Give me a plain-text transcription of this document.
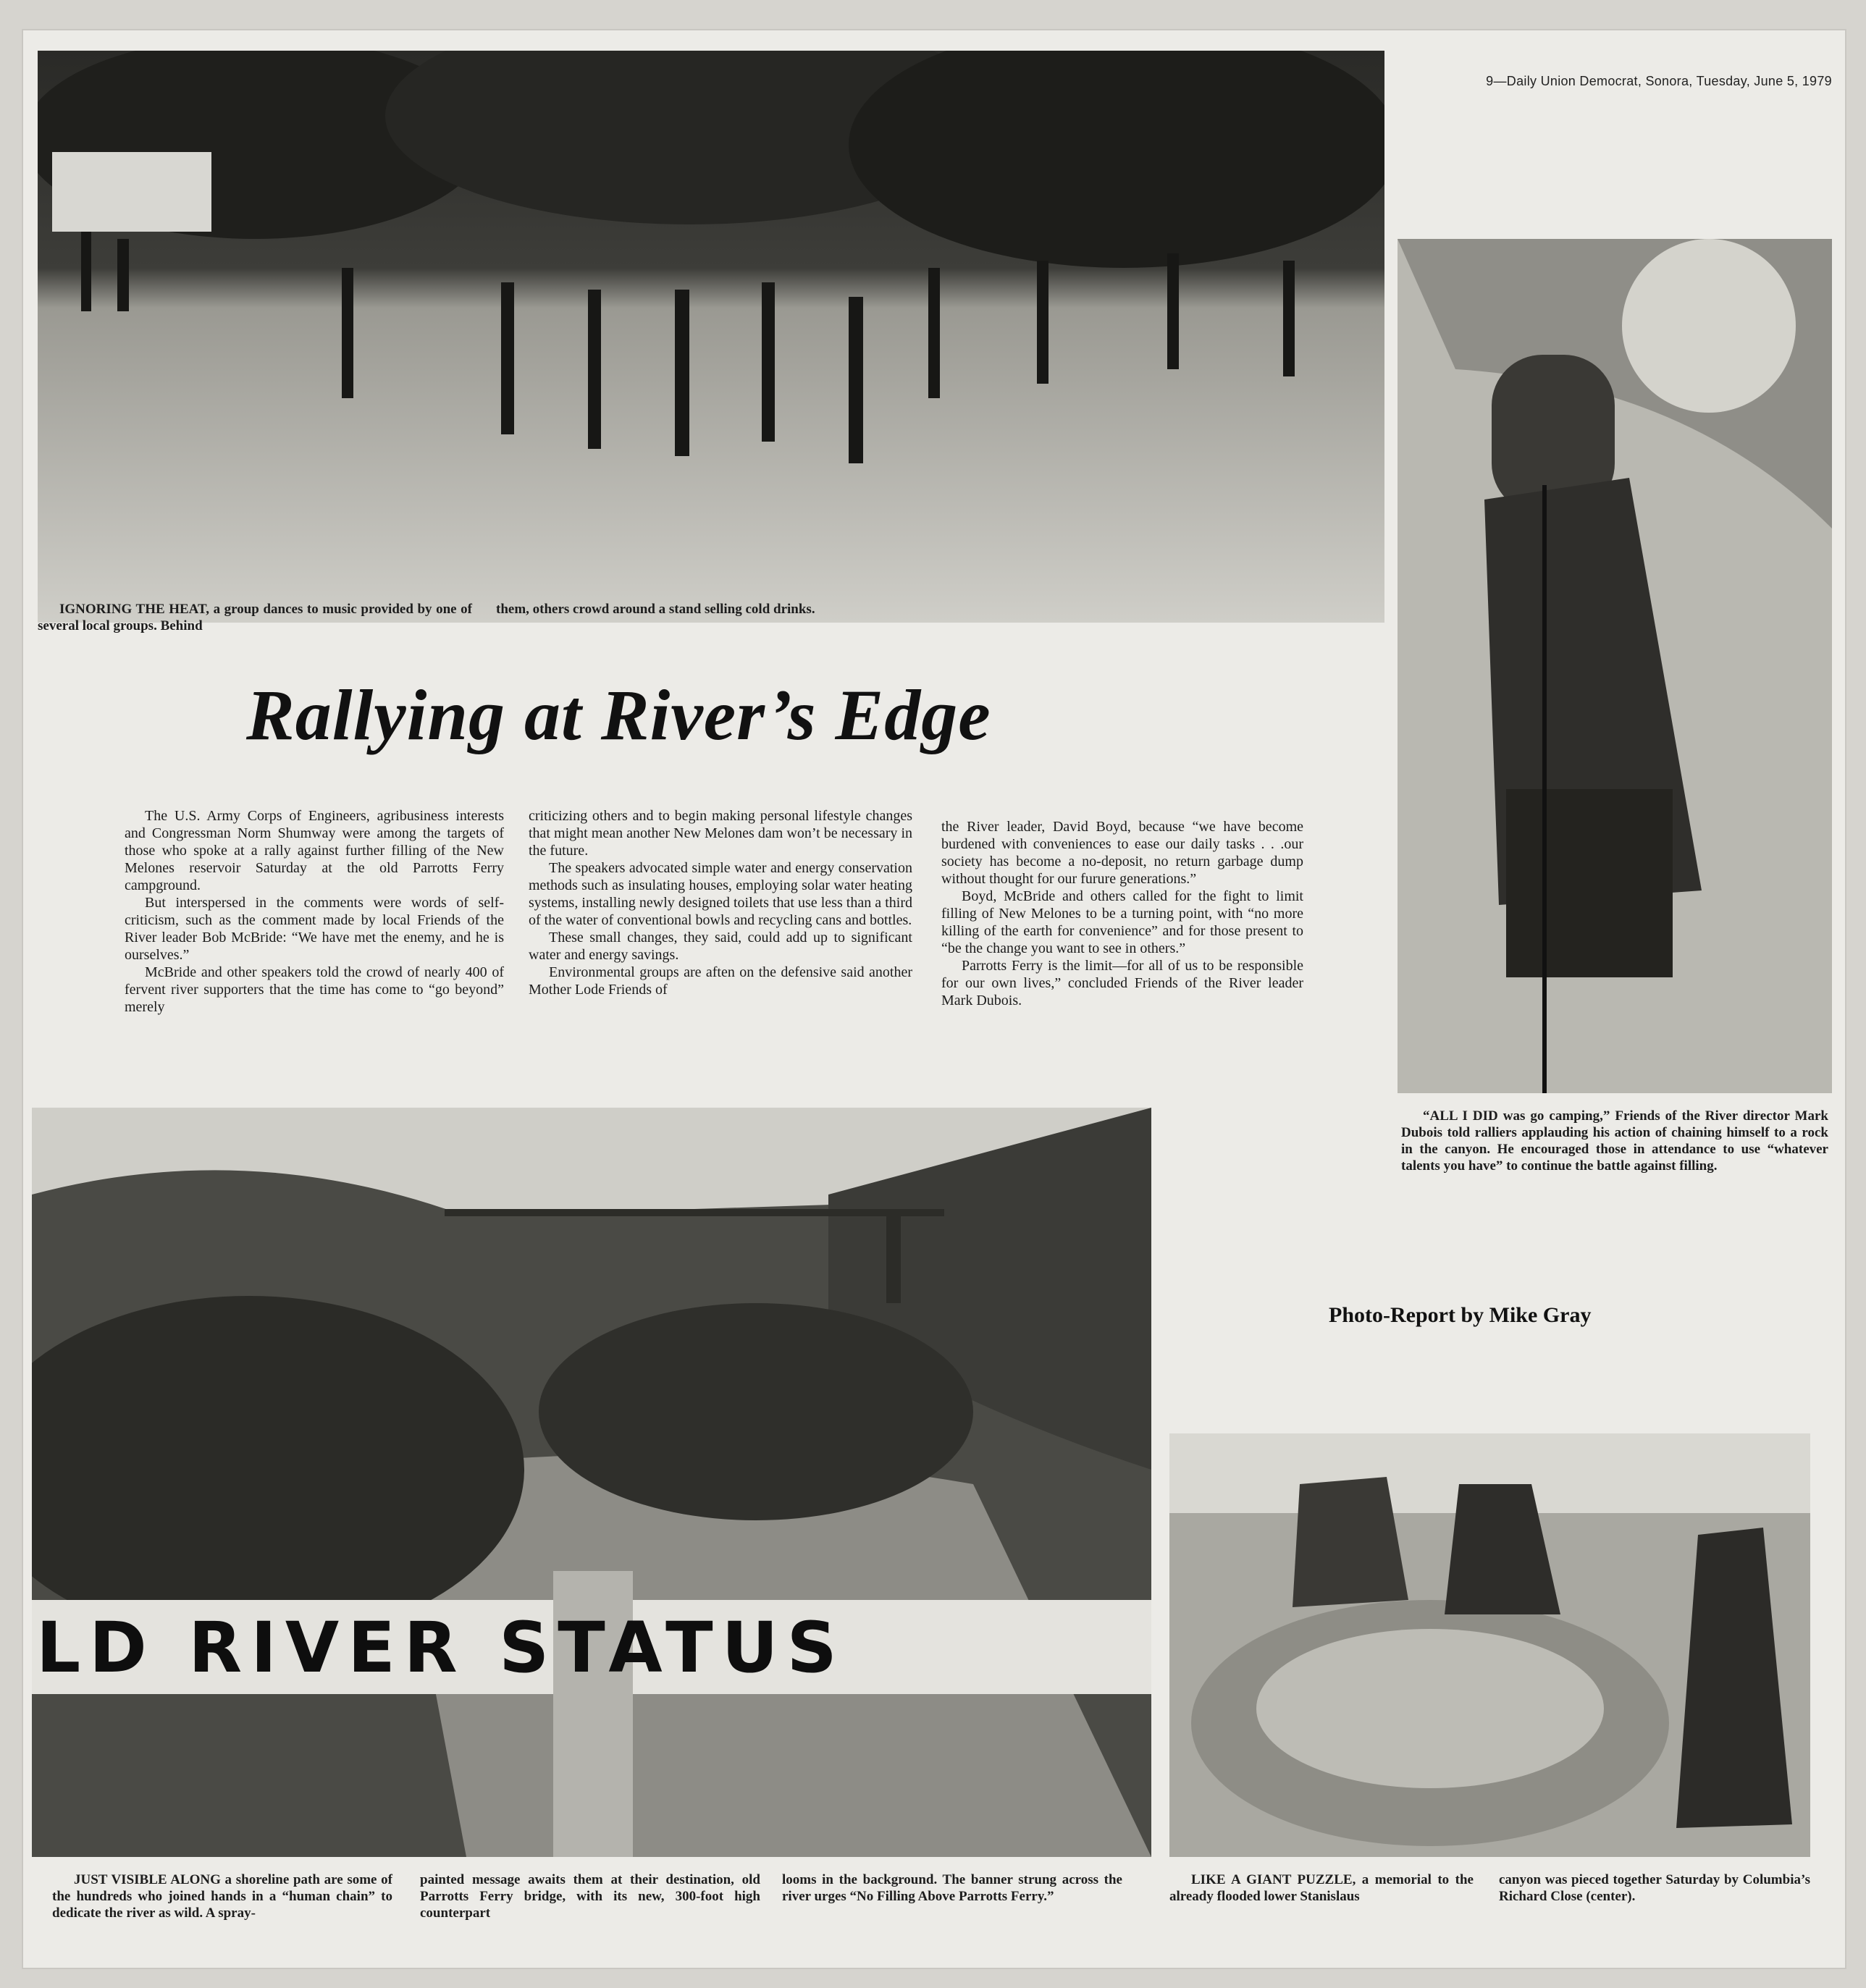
9—Daily Union Democrat, Sonora, Tuesday, June 5, 1979
“ALL I DID was go camping,” Friends of the River director Mark Dubois told ralliers applauding his action of chaining himself to a rock in the canyon. He encouraged those in attendance to use “whatever talents you have” to continue the battle against filling.
IGNORING THE HEAT, a group dances to music provided by one of several local groups. Behind
them, others crowd around a stand selling cold drinks.
Rallying at River’s Edge

The U.S. Army Corps of Engineers, agribusiness interests and Congressman Norm Shumway were among the targets of those who spoke at a rally against further filling of the New Melones reservoir Saturday at the old Parrotts Ferry campground.

But interspersed in the comments were words of self-criticism, such as the comment made by local Friends of the River leader Bob McBride: “We have met the enemy, and he is ourselves.”

McBride and other speakers told the crowd of nearly 400 of fervent river supporters that the time has come to “go beyond” merely

criticizing others and to begin making personal lifestyle changes that might mean another New Melones dam won’t be necessary in the future.

The speakers advocated simple water and energy conservation methods such as insulating houses, employing solar water heating systems, installing newly designed toilets that use less than a third of the water of conventional bowls and recycling cans and bottles.

These small changes, they said, could add up to significant water and energy savings.

Environmental groups are aften on the defensive said another Mother Lode Friends of

the River leader, David Boyd, because “we have become burdened with conveniences to ease our daily tasks . . .our society has become a no-deposit, no return garbage dump without thought for our furure generations.”

Boyd, McBride and others called for the fight to limit filling of New Melones to be a turning point, with “no more killing of the earth for convenience” and for those present to “be the change you want to see in others.”

Parrotts Ferry is the limit—for all of us to be responsible for our own lives,” concluded Friends of the River leader Mark Dubois.

LD RIVER STATUS
Photo-Report by Mike Gray
JUST VISIBLE ALONG a shoreline path are some of the hundreds who joined hands in a “human chain” to dedicate the river as wild. A spray-
painted message awaits them at their destination, old Parrotts Ferry bridge, with its new, 300-foot high counterpart
looms in the background. The banner strung across the river urges “No Filling Above Parrotts Ferry.”
LIKE A GIANT PUZZLE, a memorial to the already flooded lower Stanislaus
canyon was pieced together Saturday by Columbia’s Richard Close (center).
